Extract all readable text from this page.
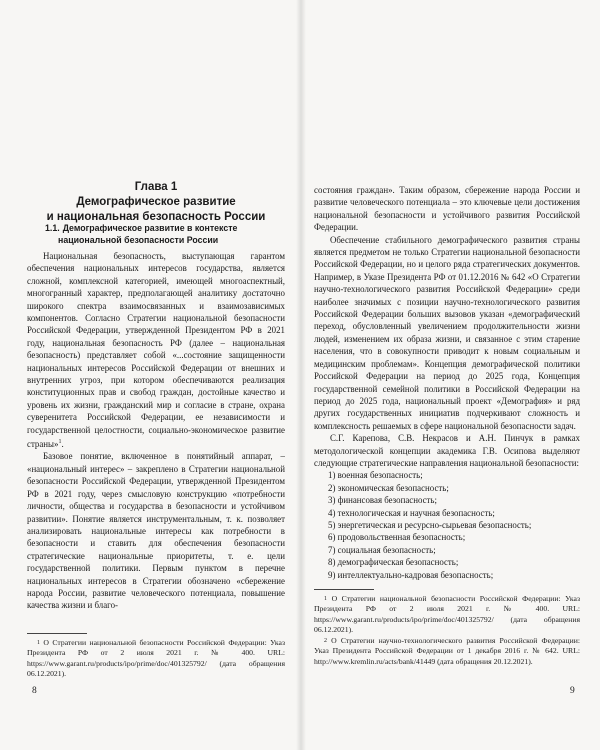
Глава 1
Демографическое развитие
и национальная безопасность России
1.1. Демографическое развитие в контексте национальной безопасности России

Национальная безопасность, выступающая гарантом обеспечения национальных интересов государства, является сложной, комплексной категорией, имеющей многоаспектный, многогранный характер, предполагающей аналитику достаточно широкого спектра взаимосвязанных и взаимозависимых компонентов. Согласно Стратегии национальной безопасности Российской Федерации, утвержденной Президентом РФ в 2021 году, национальная безопасность РФ (далее – национальная безопасность) представляет собой «...состояние защищенности национальных интересов Российской Федерации от внешних и внутренних угроз, при котором обеспечиваются реализация конституционных прав и свобод граждан, достойные качество и уровень их жизни, гражданский мир и согласие в стране, охрана суверенитета Российской Федерации, ее независимости и государственной целостности, социально-экономическое развитие страны»$^1$.

Базовое понятие, включенное в понятийный аппарат, – «национальный интерес» – закреплено в Стратегии национальной безопасности Российской Федерации, утвержденной Президентом РФ в 2021 году, через смысловую конструкцию «потребности личности, общества и государства в безопасности и устойчивом развитии». Понятие является инструментальным, т. к. позволяет анализировать национальные интересы как потребности в безопасности и ставить для обеспечения безопасности стратегические национальные приоритеты, т. е. цели государственной политики. Первым пунктом в перечне национальных интересов в Стратегии обозначено «сбережение народа России, развитие человеческого потенциала, повышение качества жизни и благо-

$^1$ О Стратегии национальной безопасности Российской Федерации: Указ Президента РФ от 2 июля 2021 г. № 400. URL: https://www.garant.ru/products/ipo/prime/doc/401325792/ (дата обращения 06.12.2021).
8

состояния граждан». Таким образом, сбережение народа России и развитие человеческого потенциала – это ключевые цели достижения национальной безопасности и устойчивого развития Российской Федерации.

Обеспечение стабильного демографического развития страны является предметом не только Стратегии национальной безопасности Российской Федерации, но и целого ряда стратегических документов. Например, в Указе Президента РФ от 01.12.2016 № 642 «О Стратегии научно-технологического развития Российской Федерации» среди наиболее значимых с позиции научно-технологического развития Российской Федерации больших вызовов указан «демографический переход, обусловленный увеличением продолжительности жизни людей, изменением их образа жизни, и связанное с этим старение населения, что в совокупности приводит к новым социальным и медицинским проблемам». Концепция демографической политики Российской Федерации на период до 2025 года, Концепция государственной семейной политики в Российской Федерации на период до 2025 года, национальный проект «Демография» и ряд других государственных инициатив подчеркивают сложность и комплексность решаемых в сфере национальной безопасности задач.

С.Г. Карепова, С.В. Некрасов и А.Н. Пинчук в рамках методологической концепции академика Г.В. Осипова выделяют следующие стратегические направления национальной безопасности:

1) военная безопасность;
2) экономическая безопасность;
3) финансовая безопасность;
4) технологическая и научная безопасность;
5) энергетическая и ресурсно-сырьевая безопасность;
6) продовольственная безопасность;
7) социальная безопасность;
8) демографическая безопасность;
9) интеллектуально-кадровая безопасность;
$^1$ О Стратегии национальной безопасности Российской Федерации: Указ Президента РФ от 2 июля 2021 г. № 400. URL: https://www.garant.ru/products/ipo/prime/doc/401325792/ (дата обращения 06.12.2021).
$^2$ О Стратегии научно-технологического развития Российской Федерации: Указ Президента Российской Федерации от 1 декабря 2016 г. № 642. URL: http://www.kremlin.ru/acts/bank/41449 (дата обращения 20.12.2021).
9
